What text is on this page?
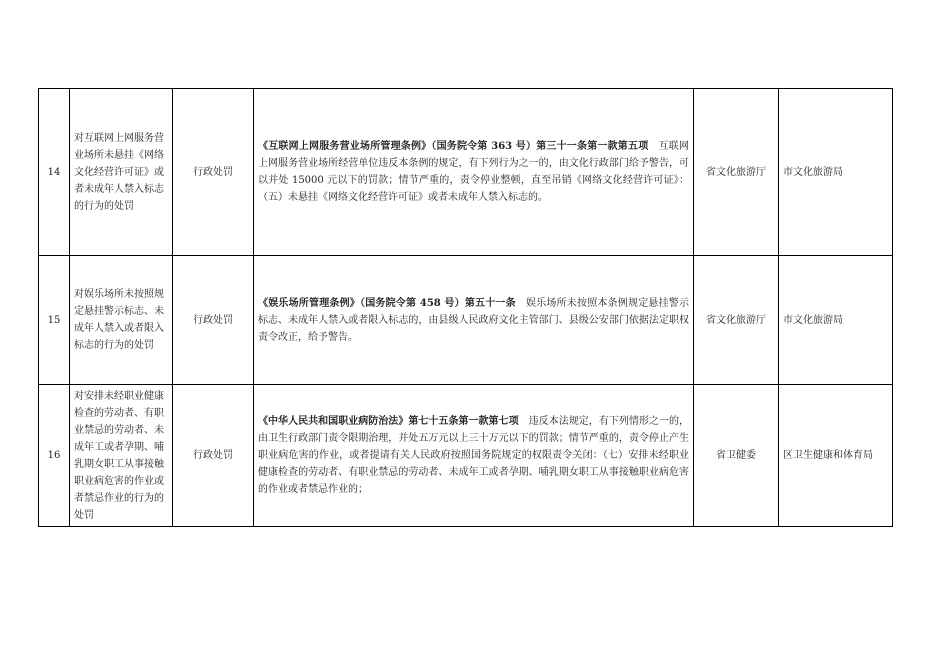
14	对互联网上网服务营业场所未悬挂《网络文化经营许可证》或者未成年人禁入标志的行为的处罚	行政处罚	《互联网上网服务营业场所管理条例》（国务院令第 363 号）第三十一条第一款第五项　互联网上网服务营业场所经营单位违反本条例的规定，有下列行为之一的，由文化行政部门给予警告，可以并处 15000 元以下的罚款；情节严重的，责令停业整顿，直至吊销《网络文化经营许可证》：（五）未悬挂《网络文化经营许可证》或者未成年人禁入标志的。	省文化旅游厅	市文化旅游局
15	对娱乐场所未按照规定悬挂警示标志、未成年人禁入或者限入标志的行为的处罚	行政处罚	《娱乐场所管理条例》（国务院令第 458 号）第五十一条　娱乐场所未按照本条例规定悬挂警示标志、未成年人禁入或者限入标志的，由县级人民政府文化主管部门、县级公安部门依据法定职权责令改正，给予警告。	省文化旅游厅	市文化旅游局
16	对安排未经职业健康检查的劳动者、有职业禁忌的劳动者、未成年工或者孕期、哺乳期女职工从事接触职业病危害的作业或者禁忌作业的行为的处罚	行政处罚	《中华人民共和国职业病防治法》第七十五条第一款第七项　违反本法规定，有下列情形之一的，由卫生行政部门责令限期治理，并处五万元以上三十万元以下的罚款；情节严重的，责令停止产生职业病危害的作业，或者提请有关人民政府按照国务院规定的权限责令关闭：（七）安排未经职业健康检查的劳动者、有职业禁忌的劳动者、未成年工或者孕期、哺乳期女职工从事接触职业病危害的作业或者禁忌作业的；	省卫健委	区卫生健康和体育局
